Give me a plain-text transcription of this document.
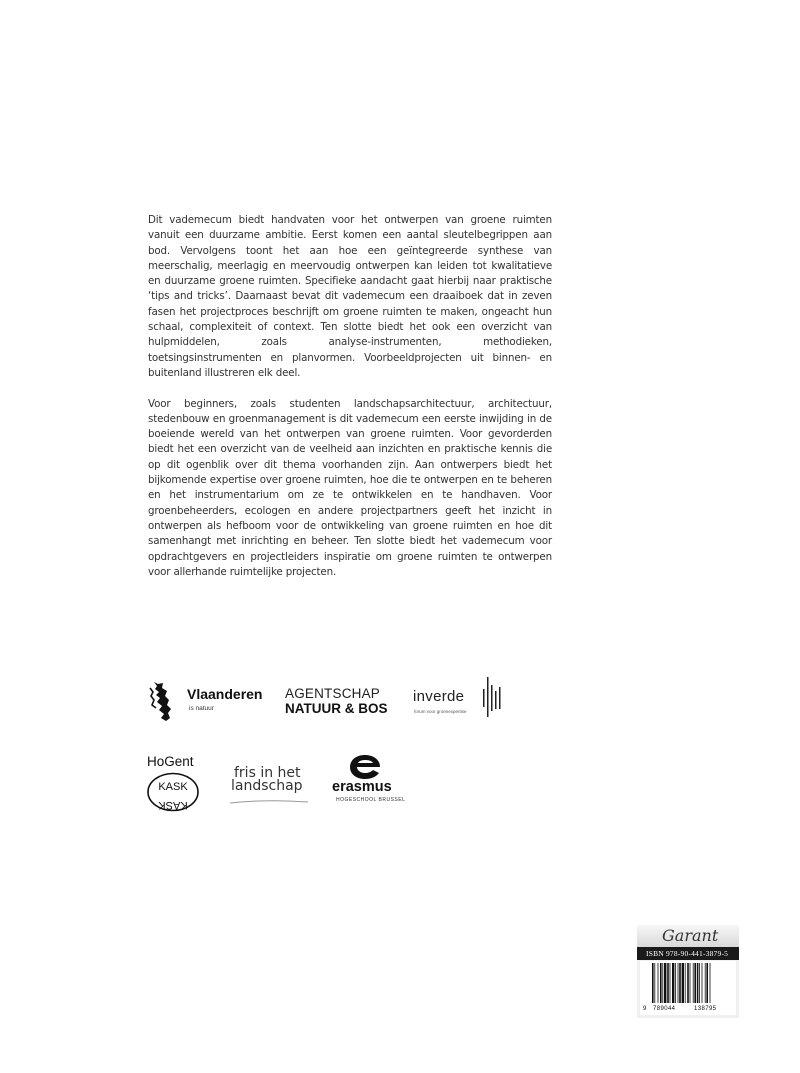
Dit vademecum biedt handvaten voor het ontwerpen van groene ruimten vanuit een duurzame ambitie. Eerst komen een aantal sleutelbegrippen aan bod. Vervolgens toont het aan hoe een geïntegreerde synthese van meerschalig, meerlagig en meervoudig ontwerpen kan leiden tot kwalitatieve en duurzame groene ruimten. Specifieke aandacht gaat hierbij naar praktische ‘tips and tricks’. Daarnaast bevat dit vademecum een draaiboek dat in zeven fasen het projectproces beschrijft om groene ruimten te maken, ongeacht hun schaal, complexiteit of context. Ten slotte biedt het ook een overzicht van hulpmiddelen, zoals analyse-instrumenten, methodieken, toetsingsinstrumenten en planvormen. Voorbeeldprojecten uit binnen- en buitenland illustreren elk deel.

Voor beginners, zoals studenten landschapsarchitectuur, architectuur, stedenbouw en groenmanagement is dit vademecum een eerste inwijding in de boeiende wereld van het ontwerpen van groene ruimten. Voor gevorderden biedt het een overzicht van de veelheid aan inzichten en praktische kennis die op dit ogenblik over dit thema voorhanden zijn. Aan ontwerpers biedt het bijkomende expertise over groene ruimten, hoe die te ontwerpen en te beheren en het instrumentarium om ze te ontwikkelen en te handhaven. Voor groenbeheerders, ecologen en andere projectpartners geeft het inzicht in ontwerpen als hefboom voor de ontwikkeling van groene ruimten en hoe dit samenhangt met inrichting en beheer. Ten slotte biedt het vademecum voor opdrachtgevers en projectleiders inspiratie om groene ruimten te ontwerpen voor allerhande ruimtelijke projecten.

Vlaanderen
is natuur
AGENTSCHAP
NATUUR & BOS
inverde
forum voor groenexpertise
HoGent
KASK
KASK
fris in het
landschap erasmus
HOGESCHOOL BRUSSEL
Garant
ISBN 978-90-441-3879-5
9 789044	138795
